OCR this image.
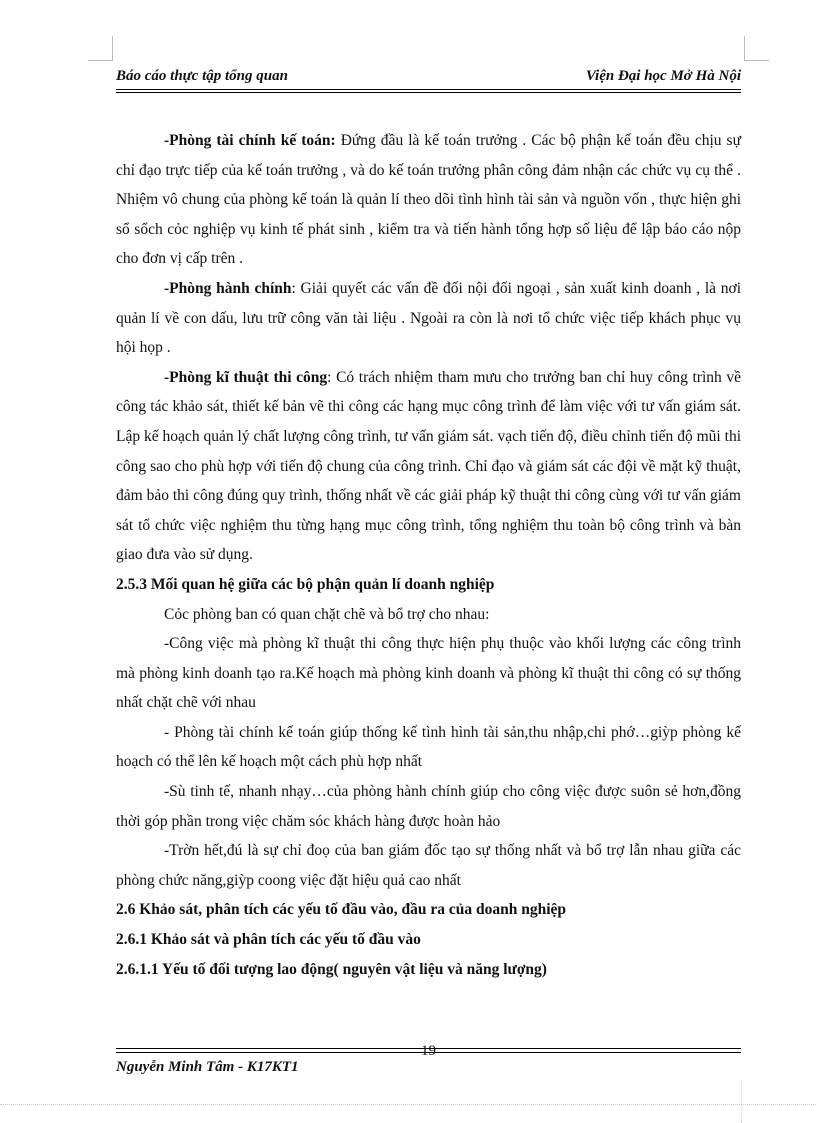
Báo cáo thực tập tổng quan	Viện Đại học Mở Hà Nội

-Phòng tài chính kế toán: Đứng đầu là kế toán trưởng . Các bộ phận kế toán đều chịu sự chỉ đạo trực tiếp của kế toán trưởng , và do kế toán trưởng phân công đảm nhận các chức vụ cụ thể . Nhiệm vô chung của phòng kế toán là quản lí theo dõi tình hình tài sản và nguồn vốn , thực hiện ghi sổ sổch cỏc nghiệp vụ kinh tế phát sinh , kiểm tra và tiến hành tổng hợp số liệu để lập báo cáo nộp cho đơn vị cấp trên .

-Phòng hành chính: Giải quyết các vấn đề đối nội đối ngoại , sản xuất kinh doanh , là nơi quản lí về con dấu, lưu trữ công văn tài liệu . Ngoài ra còn là nơi tổ chức việc tiếp khách phục vụ hội họp .

-Phòng kĩ thuật thi công: Có trách nhiệm tham mưu cho trưởng ban chỉ huy công trình về công tác khảo sát, thiết kế bản vẽ thi công các hạng mục công trình để làm việc với tư vấn giám sát. Lập kế hoạch quản lý chất lượng công trình, tư vấn giám sát. vạch tiến độ, điều chỉnh tiến độ mũi thi công sao cho phù hợp với tiến độ chung của công trình. Chỉ đạo và giám sát các đội về mặt kỹ thuật, đảm bảo thi công đúng quy trình, thống nhất về các giải pháp kỹ thuật thi công cùng với tư vấn giám sát tổ chức việc nghiệm thu từng hạng mục công trình, tổng nghiệm thu toàn bộ công trình và bàn giao đưa vào sử dụng.

2.5.3 Mối quan hệ giữa các bộ phận quản lí doanh nghiệp

Cỏc phòng ban có quan chặt chẽ và bổ trợ cho nhau:

-Công việc mà phòng kĩ thuật thi công thực hiện phụ thuộc vào khối lượng các công trình mà phòng kinh doanh tạo ra.Kế hoạch mà phòng kinh doanh và phòng kĩ thuật thi công có sự thống nhất chặt chẽ với nhau

- Phòng tài chính kế toán giúp thống kế tình hình tài sản,thu nhập,chi phớ…giỳp phòng kế hoạch có thể lên kế hoạch một cách phù hợp nhất

-Sù tinh tế, nhanh nhạy…của phòng hành chính giúp cho công việc được suôn sẻ hơn,đồng thời góp phần trong việc chăm sóc khách hàng được hoàn hảo

-Trờn hết,đú là sự chỉ đoọ của ban giám đốc tạo sự thống nhất và bổ trợ lẫn nhau giữa các phòng chức năng,giỳp coong việc đặt hiệu quả cao nhất

2.6 Khảo sát, phân tích các yếu tố đầu vào, đầu ra của doanh nghiệp

2.6.1 Khảo sát và phân tích các yếu tố đầu vào

2.6.1.1 Yếu tố đối tượng lao động( nguyên vật liệu và năng lượng)

Nguyễn Minh Tâm - K17KT1
19
